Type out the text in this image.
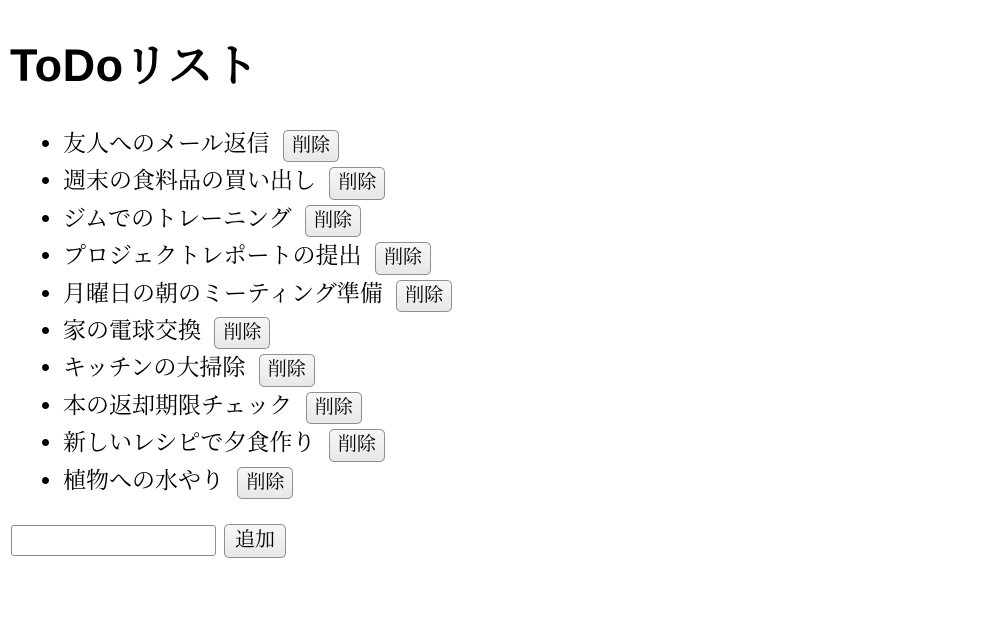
ToDoリスト
• 友人へのメール返信 削除
• 週末の食料品の買い出し 削除
• ジムでのトレーニング 削除
• プロジェクトレポートの提出 削除
• 月曜日の朝のミーティング準備 削除
• 家の電球交換 削除
• キッチンの大掃除 削除
• 本の返却期限チェック 削除
• 新しいレシピで夕食作り 削除
• 植物への水やり 削除
追加
